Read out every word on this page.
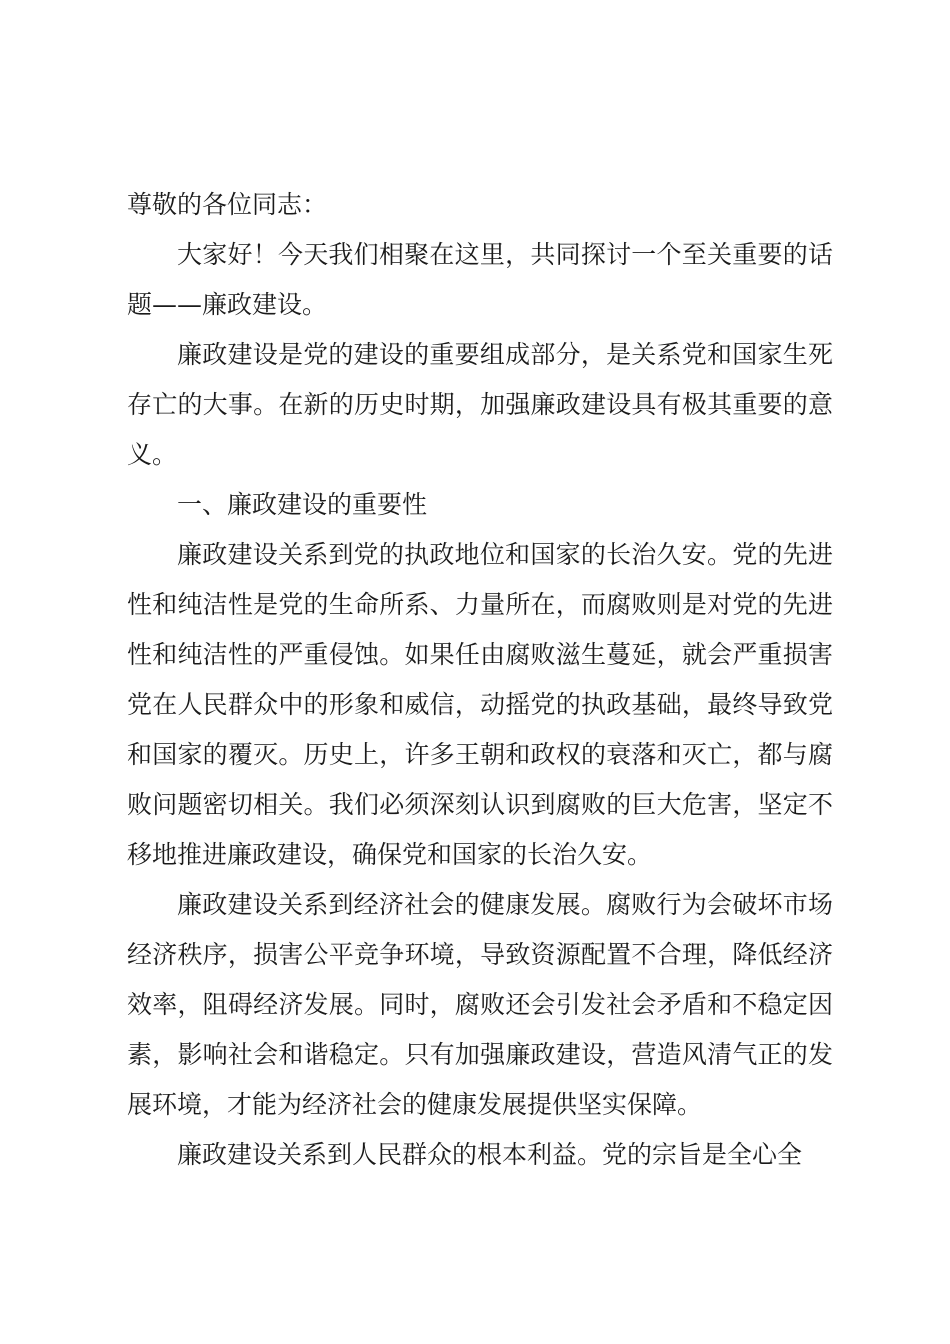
尊敬的各位同志：

大家好！今天我们相聚在这里，共同探讨一个至关重要的话题——廉政建设。

廉政建设是党的建设的重要组成部分，是关系党和国家生死存亡的大事。在新的历史时期，加强廉政建设具有极其重要的意义。

一、廉政建设的重要性

廉政建设关系到党的执政地位和国家的长治久安。党的先进性和纯洁性是党的生命所系、力量所在，而腐败则是对党的先进性和纯洁性的严重侵蚀。如果任由腐败滋生蔓延，就会严重损害党在人民群众中的形象和威信，动摇党的执政基础，最终导致党和国家的覆灭。历史上，许多王朝和政权的衰落和灭亡，都与腐败问题密切相关。我们必须深刻认识到腐败的巨大危害，坚定不移地推进廉政建设，确保党和国家的长治久安。

廉政建设关系到经济社会的健康发展。腐败行为会破坏市场经济秩序，损害公平竞争环境，导致资源配置不合理，降低经济效率，阻碍经济发展。同时，腐败还会引发社会矛盾和不稳定因素，影响社会和谐稳定。只有加强廉政建设，营造风清气正的发展环境，才能为经济社会的健康发展提供坚实保障。

廉政建设关系到人民群众的根本利益。党的宗旨是全心全
